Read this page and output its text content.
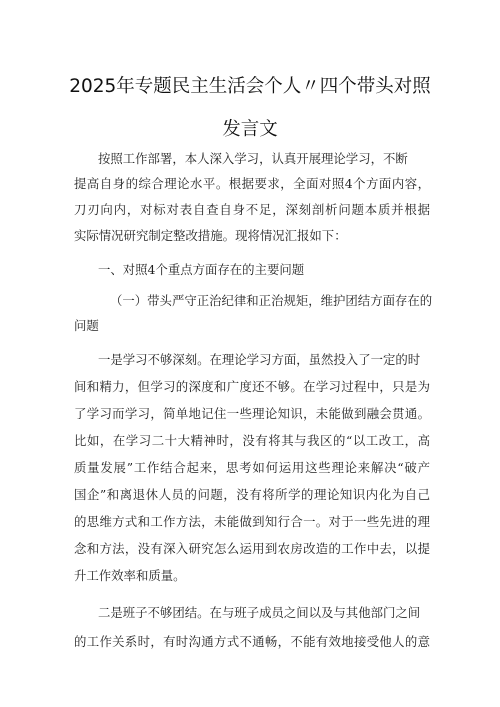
2025年专题民主生活会个人〃四个带头对照
发言文
按照工作部署，本人深入学习，认真开展理论学习，不断
提高自身的综合理论水平。根据要求，全面对照4个方面内容，
刀刃向内，对标对表自查自身不足，深刻剖析问题本质并根据
实际情况研究制定整改措施。现将情况汇报如下：
一、对照4个重点方面存在的主要问题
（一）带头严守正治纪律和正治规矩，维护团结方面存在的
问题
一是学习不够深刻。在理论学习方面，虽然投入了一定的时
间和精力，但学习的深度和广度还不够。在学习过程中，只是为
了学习而学习，简单地记住一些理论知识，未能做到融会贯通。
比如，在学习二十大精神时，没有将其与我区的“以工改工，高
质量发展”工作结合起来，思考如何运用这些理论来解决“破产
国企”和离退休人员的问题，没有将所学的理论知识内化为自己
的思维方式和工作方法，未能做到知行合一。对于一些先进的理
念和方法，没有深入研究怎么运用到农房改造的工作中去，以提
升工作效率和质量。
二是班子不够团结。在与班子成员之间以及与其他部门之间
的工作关系时，有时沟通方式不通畅，不能有效地接受他人的意
